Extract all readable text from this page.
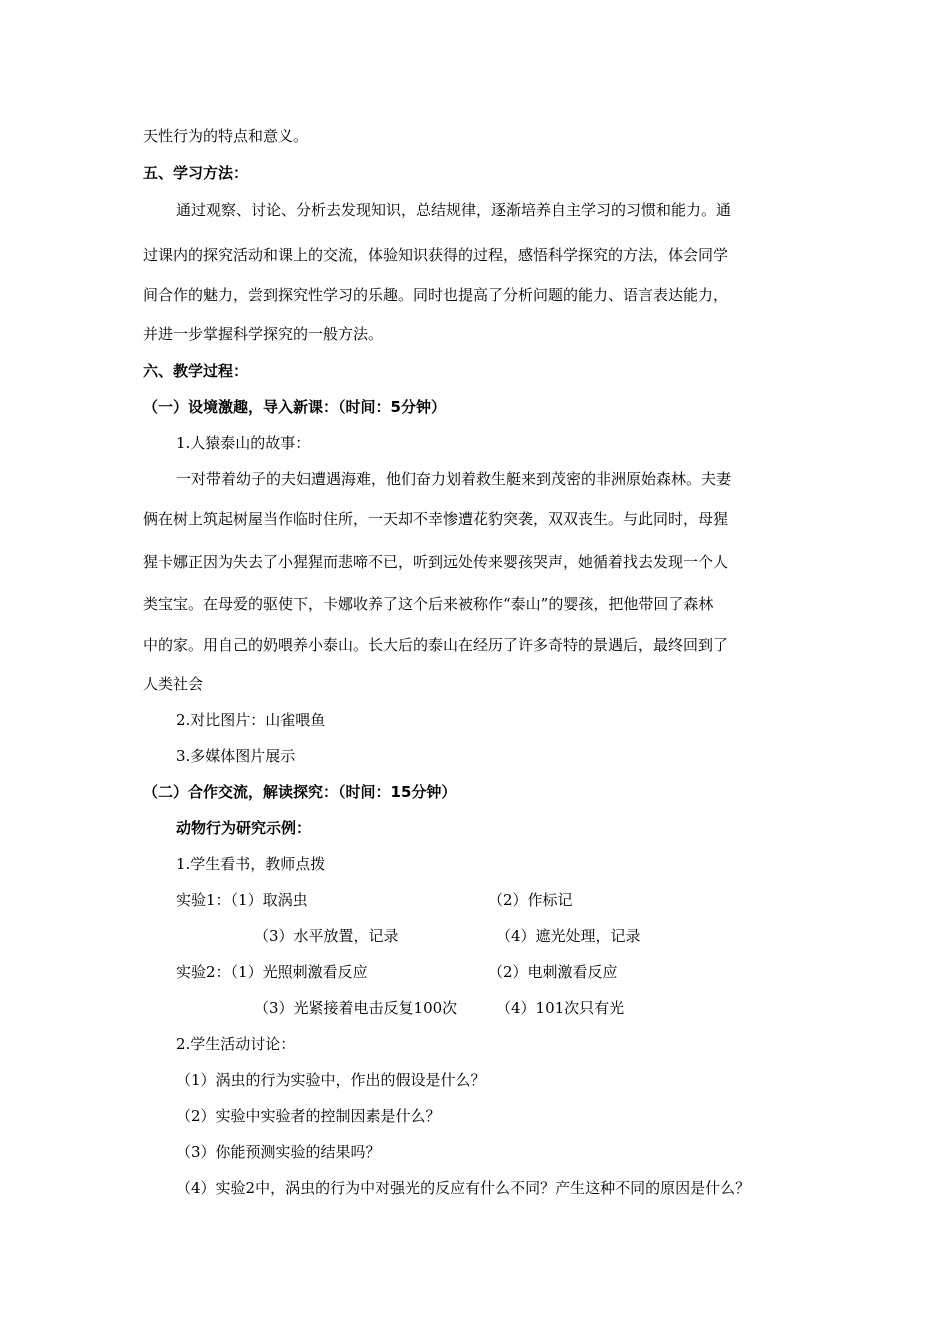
天性行为的特点和意义。
五、学习方法：
通过观察、讨论、分析去发现知识，总结规律，逐渐培养自主学习的习惯和能力。通
过课内的探究活动和课上的交流，体验知识获得的过程，感悟科学探究的方法，体会同学
间合作的魅力，尝到探究性学习的乐趣。同时也提高了分析问题的能力、语言表达能力，
并进一步掌握科学探究的一般方法。
六、教学过程：
（一）设境激趣，导入新课：（时间：5分钟）
1.人猿泰山的故事：
一对带着幼子的夫妇遭遇海难，他们奋力划着救生艇来到茂密的非洲原始森林。夫妻
俩在树上筑起树屋当作临时住所，一天却不幸惨遭花豹突袭，双双丧生。与此同时，母猩
猩卡娜正因为失去了小猩猩而悲啼不已，听到远处传来婴孩哭声，她循着找去发现一个人
类宝宝。在母爱的驱使下，卡娜收养了这个后来被称作“泰山”的婴孩，把他带回了森林
中的家。用自己的奶喂养小泰山。长大后的泰山在经历了许多奇特的景遇后，最终回到了
人类社会
2.对比图片：山雀喂鱼
3.多媒体图片展示
（二）合作交流，解读探究：（时间：15分钟）
动物行为研究示例：
1.学生看书，教师点拨
实验1：（1）取涡虫	（2）作标记
（3）水平放置，记录	（4）遮光处理，记录
实验2：（1）光照刺激看反应	（2）电刺激看反应
（3）光紧接着电击反复100次	（4）101次只有光
2.学生活动讨论：
（1）涡虫的行为实验中，作出的假设是什么？
（2）实验中实验者的控制因素是什么？
（3）你能预测实验的结果吗？
（4）实验2中，涡虫的行为中对强光的反应有什么不同？产生这种不同的原因是什么？
